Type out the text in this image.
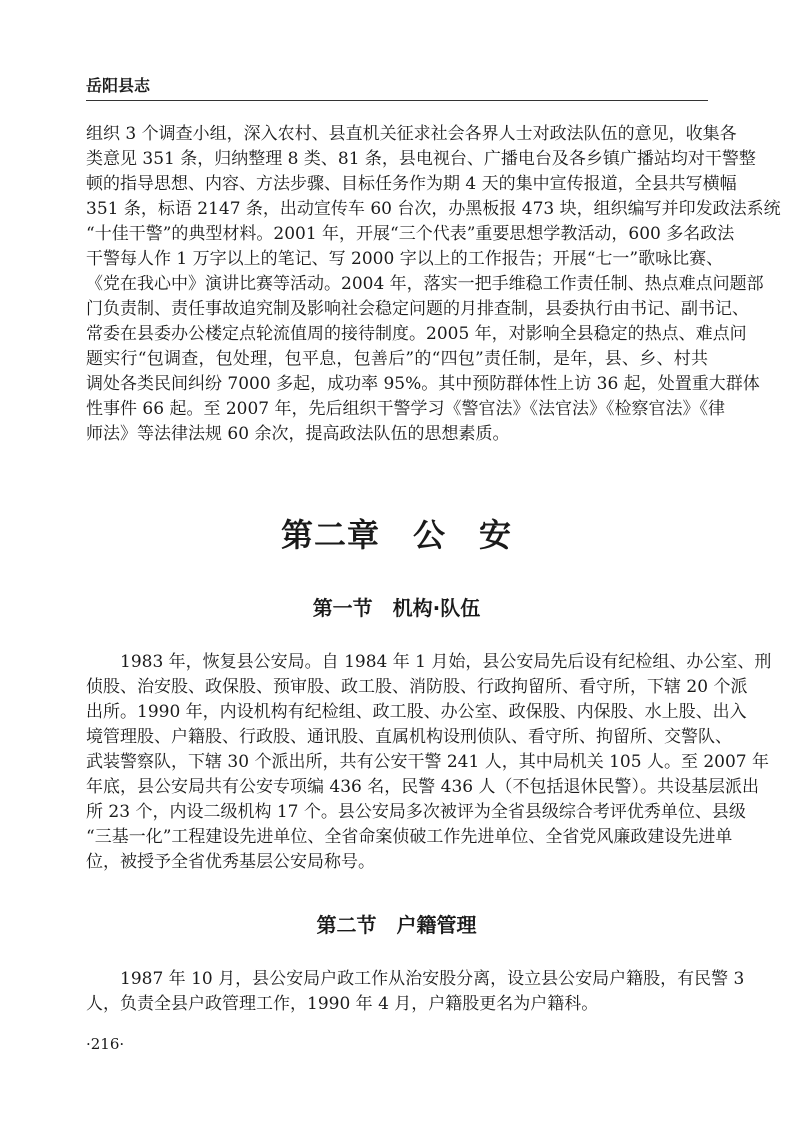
岳阳县志
组织 3 个调查小组，深入农村、县直机关征求社会各界人士对政法队伍的意见，收集各
类意见 351 条，归纳整理 8 类、81 条，县电视台、广播电台及各乡镇广播站均对干警整
顿的指导思想、内容、方法步骤、目标任务作为期 4 天的集中宣传报道，全县共写横幅
351 条，标语 2147 条，出动宣传车 60 台次，办黑板报 473 块，组织编写并印发政法系统
“十佳干警”的典型材料。2001 年，开展“三个代表”重要思想学教活动，600 多名政法
干警每人作 1 万字以上的笔记、写 2000 字以上的工作报告；开展“七一”歌咏比赛、
《党在我心中》演讲比赛等活动。2004 年，落实一把手维稳工作责任制、热点难点问题部
门负责制、责任事故追究制及影响社会稳定问题的月排查制，县委执行由书记、副书记、
常委在县委办公楼定点轮流值周的接待制度。2005 年，对影响全县稳定的热点、难点问
题实行“包调查，包处理，包平息，包善后”的“四包”责任制，是年，县、乡、村共
调处各类民间纠纷 7000 多起，成功率 95%。其中预防群体性上访 36 起，处置重大群体
性事件 66 起。至 2007 年，先后组织干警学习《警官法》《法官法》《检察官法》《律
师法》等法律法规 60 余次，提高政法队伍的思想素质。
第二章　公　安
第一节　机构·队伍
1983 年，恢复县公安局。自 1984 年 1 月始，县公安局先后设有纪检组、办公室、刑
侦股、治安股、政保股、预审股、政工股、消防股、行政拘留所、看守所，下辖 20 个派
出所。1990 年，内设机构有纪检组、政工股、办公室、政保股、内保股、水上股、出入
境管理股、户籍股、行政股、通讯股、直属机构设刑侦队、看守所、拘留所、交警队、
武装警察队，下辖 30 个派出所，共有公安干警 241 人，其中局机关 105 人。至 2007 年
年底，县公安局共有公安专项编 436 名，民警 436 人（不包括退休民警）。共设基层派出
所 23 个，内设二级机构 17 个。县公安局多次被评为全省县级综合考评优秀单位、县级
“三基一化”工程建设先进单位、全省命案侦破工作先进单位、全省党风廉政建设先进单
位，被授予全省优秀基层公安局称号。
第二节　户籍管理
1987 年 10 月，县公安局户政工作从治安股分离，设立县公安局户籍股，有民警 3
人，负责全县户政管理工作，1990 年 4 月，户籍股更名为户籍科。
·216·
